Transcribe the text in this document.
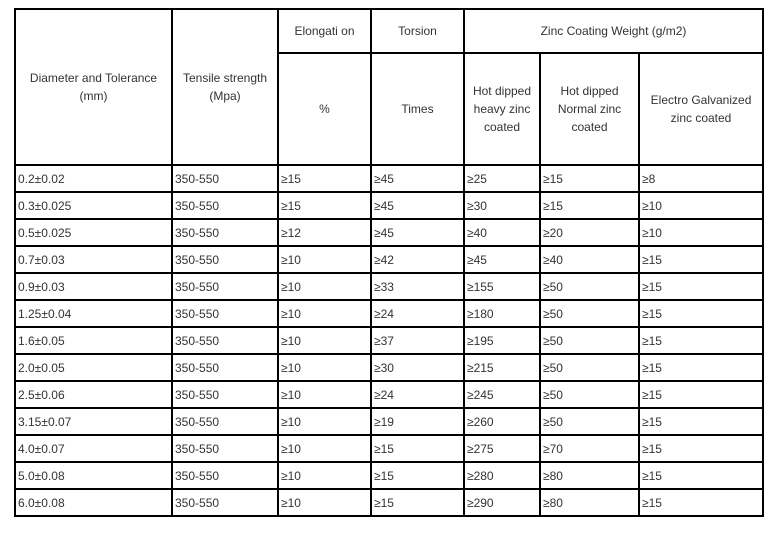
Diameter and Tolerance (mm)	Tensile strength (Mpa)	Elongati on	Torsion	Zinc Coating Weight (g/m2)		
		%	Times	Hot dipped heavy zinc coated	Hot dipped Normal zinc coated	Electro Galvanized zinc coated
0.2±0.02	350-550	≥15	≥45	≥25	≥15	≥8
0.3±0.025	350-550	≥15	≥45	≥30	≥15	≥10
0.5±0.025	350-550	≥12	≥45	≥40	≥20	≥10
0.7±0.03	350-550	≥10	≥42	≥45	≥40	≥15
0.9±0.03	350-550	≥10	≥33	≥155	≥50	≥15
1.25±0.04	350-550	≥10	≥24	≥180	≥50	≥15
1.6±0.05	350-550	≥10	≥37	≥195	≥50	≥15
2.0±0.05	350-550	≥10	≥30	≥215	≥50	≥15
2.5±0.06	350-550	≥10	≥24	≥245	≥50	≥15
3.15±0.07	350-550	≥10	≥19	≥260	≥50	≥15
4.0±0.07	350-550	≥10	≥15	≥275	≥70	≥15
5.0±0.08	350-550	≥10	≥15	≥280	≥80	≥15
6.0±0.08	350-550	≥10	≥15	≥290	≥80	≥15
